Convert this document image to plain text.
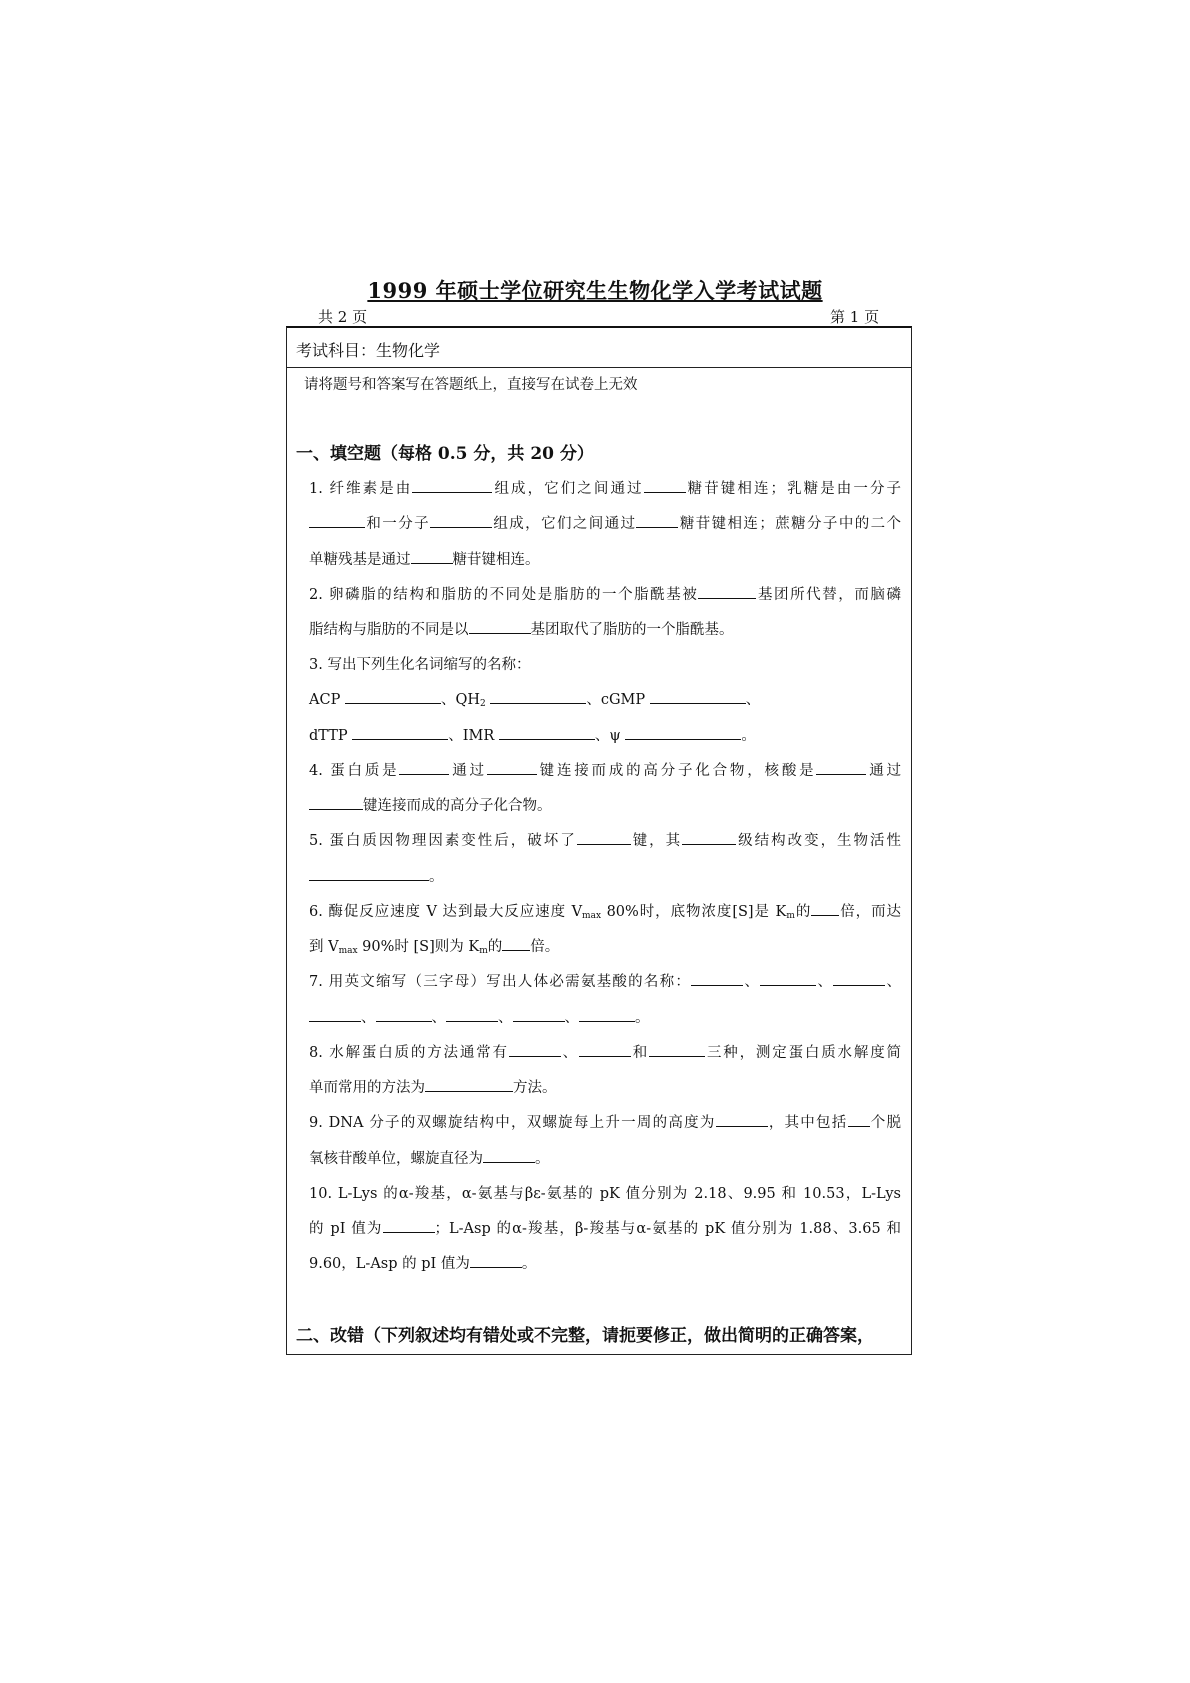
1999 年硕士学位研究生生物化学入学考试试题
共 2 页	第 1 页
考试科目：生物化学
请将题号和答案写在答题纸上，直接写在试卷上无效
一、填空题（每格 0.5 分，共 20 分）
1. 纤维素是由	组成，它们之间通过	糖苷键相连；乳糖是由一分子
和一分子	组成，它们之间通过	糖苷键相连；蔗糖分子中的二个
单糖残基是通过	糖苷键相连。
2. 卵磷脂的结构和脂肪的不同处是脂肪的一个脂酰基被	基团所代替，而脑磷
脂结构与脂肪的不同是以	基团取代了脂肪的一个脂酰基。
3. 写出下列生化名词缩写的名称：
ACP	、$QH_2$	、cGMP	、
dTTP	、IMR	、ψ	。
4. 蛋白质是	通过	键连接而成的高分子化合物，核酸是	通过
键连接而成的高分子化合物。
5. 蛋白质因物理因素变性后，破坏了	键，其	级结构改变，生物活性
。
6. 酶促反应速度 V 达到最大反应速度 $V_{max}$ 80%时，底物浓度[S]是 $K_m$的 倍，而达
到 $V_{max}$ 90%时 [S]则为 $K_m$的 倍。
7. 用英文缩写（三字母）写出人体必需氨基酸的名称：	、	、	、
、	、	、	、	。
8. 水解蛋白质的方法通常有	、	和	三种，测定蛋白质水解度简
单而常用的方法为	方法。
9. DNA 分子的双螺旋结构中，双螺旋每上升一周的高度为	，其中包括 个脱
氧核苷酸单位，螺旋直径为	。
10. L-Lys 的α-羧基，α-氨基与βε-氨基的 pK 值分别为 2.18、9.95 和 10.53，L-Lys
的 pI 值为	；L-Asp 的α-羧基，β-羧基与α-氨基的 pK 值分别为 1.88、3.65 和
9.60，L-Asp 的 pI 值为	。
二、改错（下列叙述均有错处或不完整，请扼要修正，做出简明的正确答案，
